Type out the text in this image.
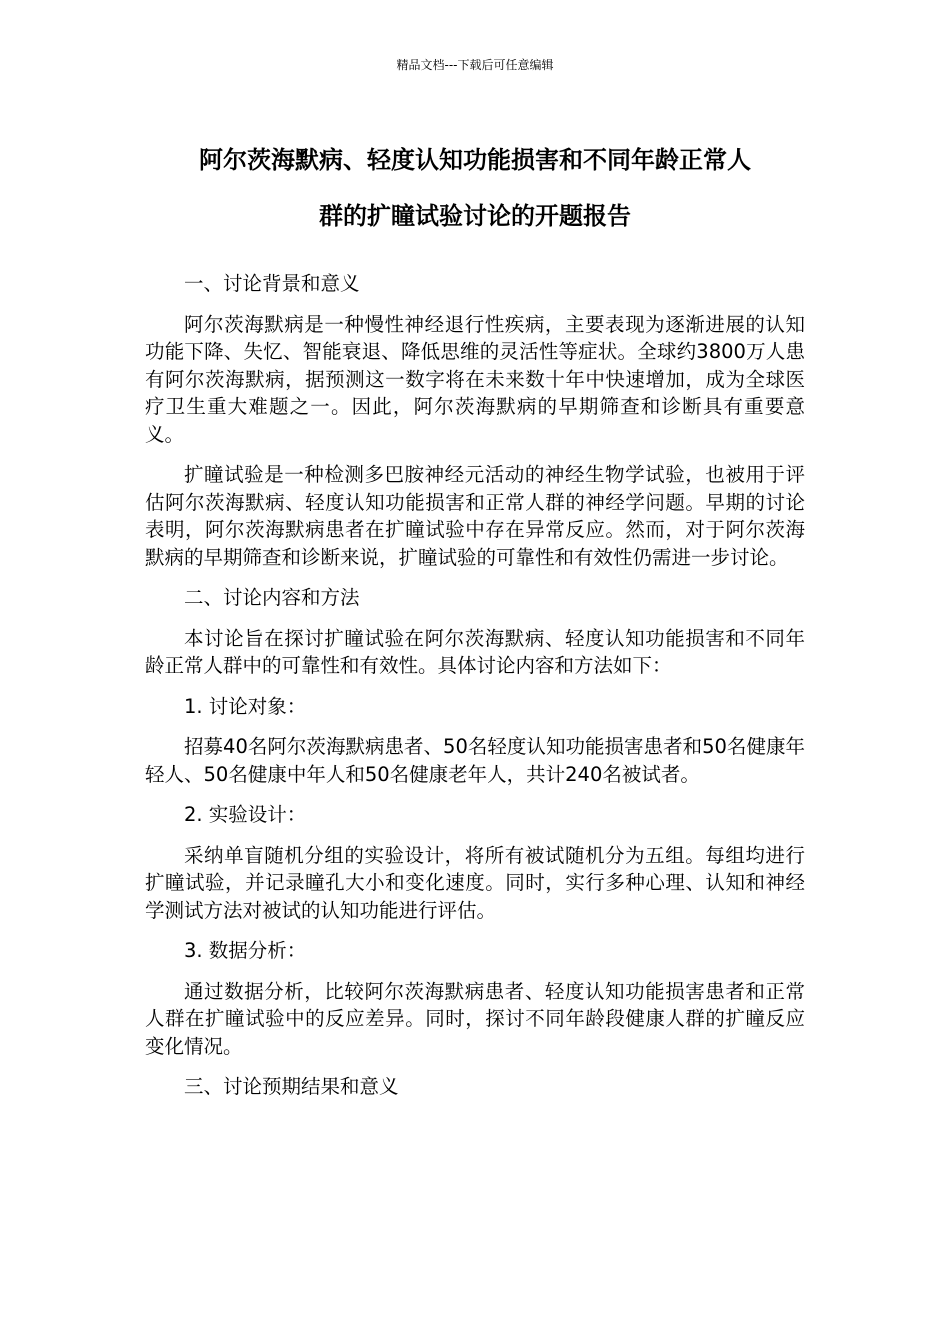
精品文档---下载后可任意编辑
阿尔茨海默病、轻度认知功能损害和不同年龄正常人
群的扩瞳试验讨论的开题报告

一、讨论背景和意义

阿尔茨海默病是一种慢性神经退行性疾病，主要表现为逐渐进展的认知功能下降、失忆、智能衰退、降低思维的灵活性等症状。全球约3800万人患有阿尔茨海默病，据预测这一数字将在未来数十年中快速增加，成为全球医疗卫生重大难题之一。因此，阿尔茨海默病的早期筛查和诊断具有重要意义。

扩瞳试验是一种检测多巴胺神经元活动的神经生物学试验，也被用于评估阿尔茨海默病、轻度认知功能损害和正常人群的神经学问题。早期的讨论表明，阿尔茨海默病患者在扩瞳试验中存在异常反应。然而，对于阿尔茨海默病的早期筛查和诊断来说，扩瞳试验的可靠性和有效性仍需进一步讨论。

二、讨论内容和方法

本讨论旨在探讨扩瞳试验在阿尔茨海默病、轻度认知功能损害和不同年龄正常人群中的可靠性和有效性。具体讨论内容和方法如下：

1. 讨论对象：

招募40名阿尔茨海默病患者、50名轻度认知功能损害患者和50名健康年轻人、50名健康中年人和50名健康老年人，共计240名被试者。

2. 实验设计：

采纳单盲随机分组的实验设计，将所有被试随机分为五组。每组均进行扩瞳试验，并记录瞳孔大小和变化速度。同时，实行多种心理、认知和神经学测试方法对被试的认知功能进行评估。

3. 数据分析：

通过数据分析，比较阿尔茨海默病患者、轻度认知功能损害患者和正常人群在扩瞳试验中的反应差异。同时，探讨不同年龄段健康人群的扩瞳反应变化情况。

三、讨论预期结果和意义
